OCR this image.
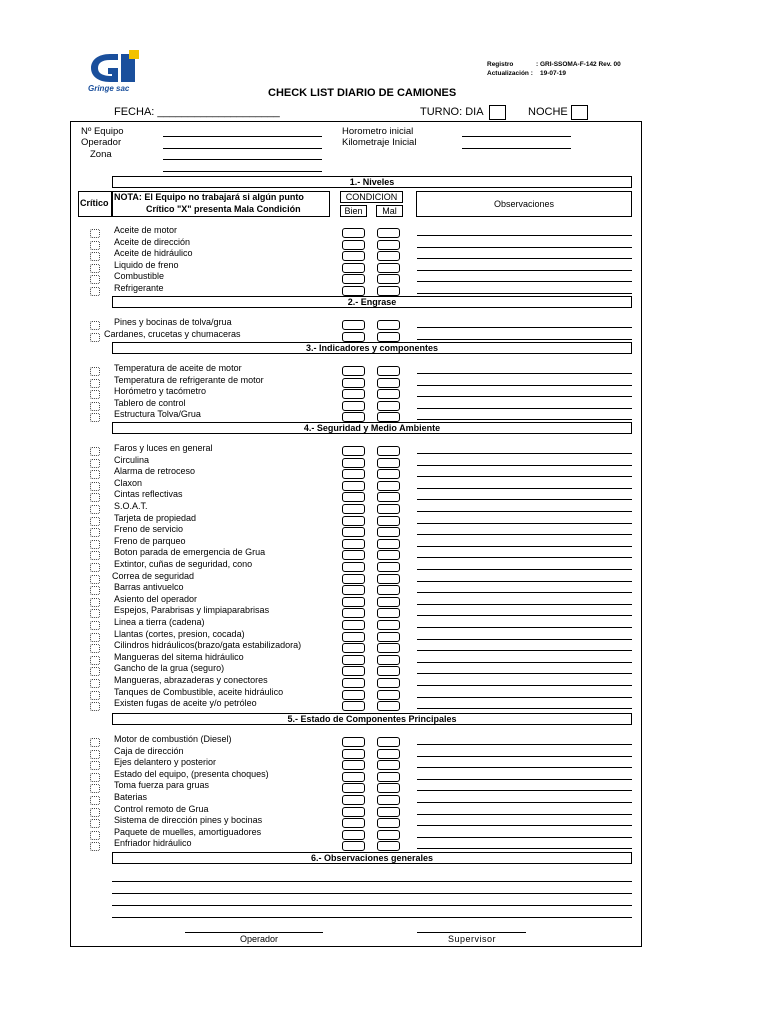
Gringe sac
Registro	: GRI-SSOMA-F-142 Rev. 00
Actualización : 19-07-19
CHECK LIST DIARIO DE CAMIONES
FECHA: ____________________	TURNO: DIA	NOCHE
Nº Equipo
Operador
Zona
Horometro inicial
Kilometraje Inicial
1.- Niveles
Crítico
NOTA: El Equipo no trabajará si algún punto
Crítico "X" presenta Mala Condición
CONDICION
Bien	Mal
Observaciones
2.- Engrase
3.- Indicadores y componentes
4.- Seguridad y Medio Ambiente
5.- Estado de Componentes Principales
6.- Observaciones generales
Aceite de motor
Aceite de dirección
Aceite de hidráulico
Liquido de freno
Combustible
Refrigerante
Pines y bocinas de tolva/grua
Cardanes, crucetas y chumaceras
Temperatura de aceite de motor
Temperatura de refrigerante de motor
Horómetro y tacómetro
Tablero de control
Estructura Tolva/Grua
Faros y luces en general
Circulina
Alarma de retroceso
Claxon
Cintas reflectivas
S.O.A.T.
Tarjeta de propiedad
Freno de servicio
Freno de parqueo
Boton parada de emergencia de Grua
Extintor, cuñas de seguridad, cono
Correa de seguridad
Barras antivuelco
Asiento del operador
Espejos, Parabrisas y limpiaparabrisas
Linea a tierra (cadena)
Llantas (cortes, presion, cocada)
Cilindros hidráulicos(brazo/gata estabilizadora)
Mangueras del sitema hidráulico
Gancho de la grua (seguro)
Mangueras, abrazaderas y conectores
Tanques de Combustible, aceite hidráulico
Existen fugas de aceite y/o petróleo
Motor de combustión (Diesel)
Caja de dirección
Ejes delantero y posterior
Estado del equipo, (presenta choques)
Toma fuerza para gruas
Baterias
Control remoto de Grua
Sistema de dirección pines y bocinas
Paquete de muelles, amortiguadores
Enfriador hidráulico
Operador	Supervisor
